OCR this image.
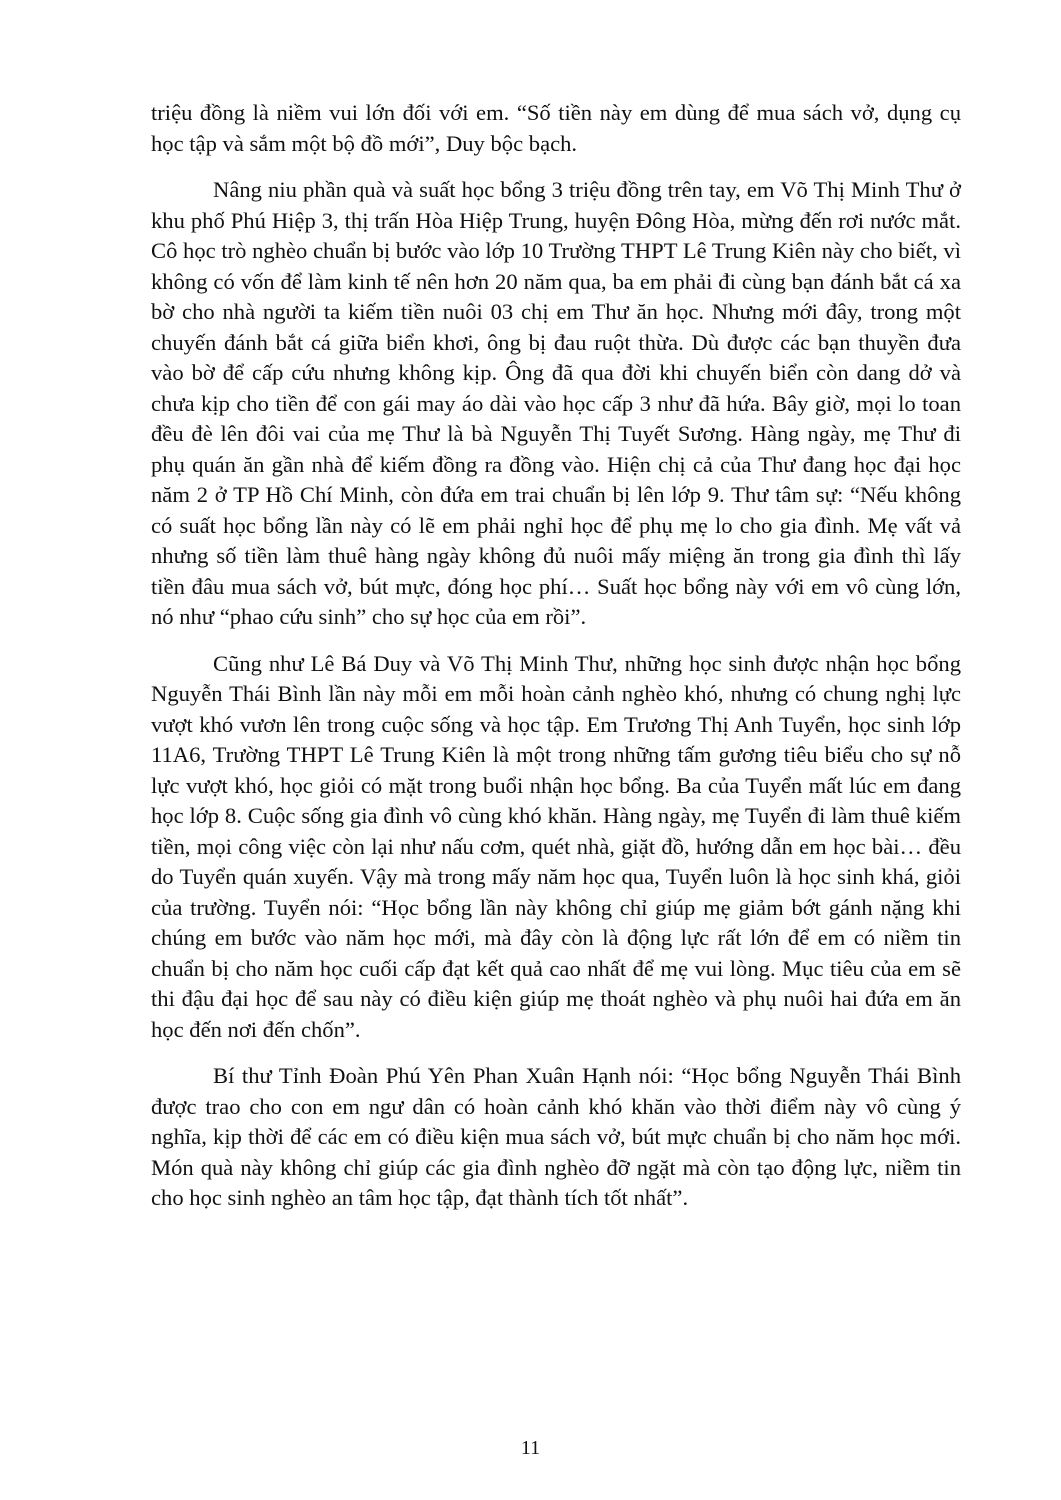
triệu đồng là niềm vui lớn đối với em. “Số tiền này em dùng để mua sách vở, dụng cụ học tập và sắm một bộ đồ mới”, Duy bộc bạch.

Nâng niu phần quà và suất học bổng 3 triệu đồng trên tay, em Võ Thị Minh Thư ở khu phố Phú Hiệp 3, thị trấn Hòa Hiệp Trung, huyện Đông Hòa, mừng đến rơi nước mắt. Cô học trò nghèo chuẩn bị bước vào lớp 10 Trường THPT Lê Trung Kiên này cho biết, vì không có vốn để làm kinh tế nên hơn 20 năm qua, ba em phải đi cùng bạn đánh bắt cá xa bờ cho nhà người ta kiếm tiền nuôi 03 chị em Thư ăn học. Nhưng mới đây, trong một chuyến đánh bắt cá giữa biển khơi, ông bị đau ruột thừa. Dù được các bạn thuyền đưa vào bờ để cấp cứu nhưng không kịp. Ông đã qua đời khi chuyến biển còn dang dở và chưa kịp cho tiền để con gái may áo dài vào học cấp 3 như đã hứa. Bây giờ, mọi lo toan đều đè lên đôi vai của mẹ Thư là bà Nguyễn Thị Tuyết Sương. Hàng ngày, mẹ Thư đi phụ quán ăn gần nhà để kiếm đồng ra đồng vào. Hiện chị cả của Thư đang học đại học năm 2 ở TP Hồ Chí Minh, còn đứa em trai chuẩn bị lên lớp 9. Thư tâm sự: “Nếu không có suất học bổng lần này có lẽ em phải nghỉ học để phụ mẹ lo cho gia đình. Mẹ vất vả nhưng số tiền làm thuê hàng ngày không đủ nuôi mấy miệng ăn trong gia đình thì lấy tiền đâu mua sách vở, bút mực, đóng học phí… Suất học bổng này với em vô cùng lớn, nó như “phao cứu sinh” cho sự học của em rồi”.

Cũng như Lê Bá Duy và Võ Thị Minh Thư, những học sinh được nhận học bổng Nguyễn Thái Bình lần này mỗi em mỗi hoàn cảnh nghèo khó, nhưng có chung nghị lực vượt khó vươn lên trong cuộc sống và học tập. Em Trương Thị Anh Tuyển, học sinh lớp 11A6, Trường THPT Lê Trung Kiên là một trong những tấm gương tiêu biểu cho sự nỗ lực vượt khó, học giỏi có mặt trong buổi nhận học bổng. Ba của Tuyển mất lúc em đang học lớp 8. Cuộc sống gia đình vô cùng khó khăn. Hàng ngày, mẹ Tuyển đi làm thuê kiếm tiền, mọi công việc còn lại như nấu cơm, quét nhà, giặt đồ, hướng dẫn em học bài… đều do Tuyển quán xuyến. Vậy mà trong mấy năm học qua, Tuyển luôn là học sinh khá, giỏi của trường. Tuyển nói: “Học bổng lần này không chỉ giúp mẹ giảm bớt gánh nặng khi chúng em bước vào năm học mới, mà đây còn là động lực rất lớn để em có niềm tin chuẩn bị cho năm học cuối cấp đạt kết quả cao nhất để mẹ vui lòng. Mục tiêu của em sẽ thi đậu đại học để sau này có điều kiện giúp mẹ thoát nghèo và phụ nuôi hai đứa em ăn học đến nơi đến chốn”.

Bí thư Tỉnh Đoàn Phú Yên Phan Xuân Hạnh nói: “Học bổng Nguyễn Thái Bình được trao cho con em ngư dân có hoàn cảnh khó khăn vào thời điểm này vô cùng ý nghĩa, kịp thời để các em có điều kiện mua sách vở, bút mực chuẩn bị cho năm học mới. Món quà này không chỉ giúp các gia đình nghèo đỡ ngặt mà còn tạo động lực, niềm tin cho học sinh nghèo an tâm học tập, đạt thành tích tốt nhất”.

11
